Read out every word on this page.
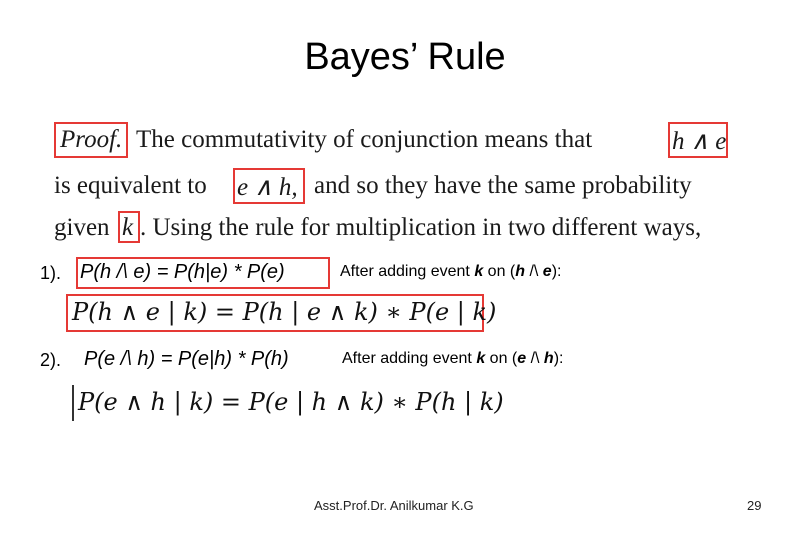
Bayes’ Rule
Proof. The commutativity of conjunction means that	h ∧ e
is equivalent to e ∧ h, and so they have the same probability
given k . Using the rule for multiplication in two different ways,
1). P(h /\ e) = P(h|e) * P(e)	After adding event k on (h /\ e):
P(h ∧ e | k) = P(h | e ∧ k) ∗ P(e | k)
2). P(e /\ h) = P(e|h) * P(h)	After adding event k on (e /\ h):
P(e ∧ h | k) = P(e | h ∧ k) ∗ P(h | k)
Asst.Prof.Dr. Anilkumar K.G	29
